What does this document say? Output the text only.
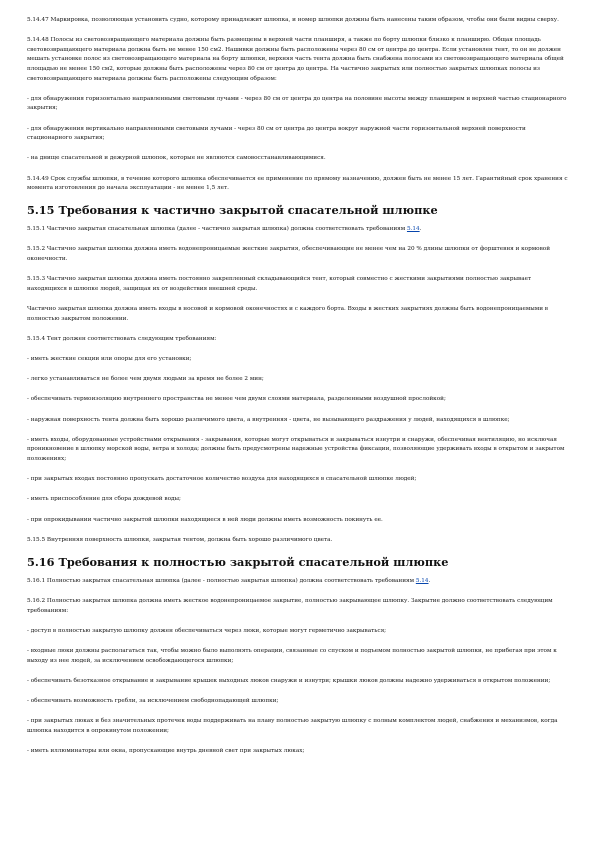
5.14.47 Маркировка, позволяющая установить судно, которому принадлежит шлюпка, и номер шлюпки должны быть нанесены таким образом, чтобы они были видны сверху.

5.14.48 Полосы из световозвращающего материала должны быть размещены в верхней части планширя, а также по борту шлюпки близко к планширю. Общая площадь световозвращающего материала должна быть не менее 150 см2. Нашивки должны быть расположены через 80 см от центра до центра. Если установлен тент, то он не должен мешать установке полос из световозвращающего материала на борту шлюпки, верхняя часть тента должна быть снабжена полосами из световозвращающего материала общей площадью не менее 150 см2, которые должны быть расположены через 80 см от центра до центра. На частично закрытых или полностью закрытых шлюпках полосы из световозвращающего материала должны быть расположены следующим образом:

- для обнаружения горизонтально направленными световыми лучами - через 80 см от центра до центра на половине высоты между планширем и верхней частью стационарного закрытия;

- для обнаружения вертикально направленными световыми лучами - через 80 см от центра до центра вокруг наружной части горизонтальной верхней поверхности стационарного закрытия;

- на днище спасательной и дежурной шлюпок, которые не являются самовосстанавливающимися.

5.14.49 Срок службы шлюпки, в течение которого шлюпка обеспечивается ее применение по прямому назначению, должен быть не менее 15 лет. Гарантийный срок хранения с момента изготовления до начала эксплуатации - не менее 1,5 лет.

5.15 Требования к частично закрытой спасательной шлюпке

5.15.1 Частично закрытая спасательная шлюпка (далее - частично закрытая шлюпка) должна соответствовать требованиям 5.14.

5.15.2 Частично закрытая шлюпка должна иметь водонепроницаемые жесткие закрытия, обеспечивающие не менее чем на 20 % длины шлюпки от форштевня и кормовой оконечности.

5.15.3 Частично закрытая шлюпка должна иметь постоянно закрепленный складывающийся тент, который совместно с жесткими закрытиями полностью закрывает находящихся в шлюпке людей, защищая их от воздействия внешней среды.

Частично закрытая шлюпка должна иметь входы в носовой и кормовой оконечностях и с каждого борта. Входы в жестких закрытиях должны быть водонепроницаемыми в полностью закрытом положении.

5.15.4 Тент должен соответствовать следующим требованиям:

- иметь жесткие секции или опоры для его установки;

- легко устанавливаться не более чем двумя людьми за время не более 2 мин;

- обеспечивать термоизоляцию внутреннего пространства не менее чем двумя слоями материала, разделенными воздушной прослойкой;

- наружная поверхность тента должна быть хорошо различимого цвета, а внутренняя - цвета, не вызывающего раздражения у людей, находящихся в шлюпке;

- иметь входы, оборудованные устройствами открывания - закрывания, которые могут открываться и закрываться изнутри и снаружи, обеспечивая вентиляцию, но исключая проникновение в шлюпку морской воды, ветра и холода; должны быть предусмотрены надежные устройства фиксации, позволяющие удерживать входы в открытом и закрытом положениях;

- при закрытых входах постоянно пропускать достаточное количество воздуха для находящихся в спасательной шлюпке людей;

- иметь приспособление для сбора дождевой воды;

- при опрокидывании частично закрытой шлюпки находящиеся в ней люди должны иметь возможность покинуть ее.

5.15.5 Внутренняя поверхность шлюпки, закрытая тентом, должна быть хорошо различимого цвета.

5.16 Требования к полностью закрытой спасательной шлюпке

5.16.1 Полностью закрытая спасательная шлюпка (далее - полностью закрытая шлюпка) должна соответствовать требованиям 5.14.

5.16.2 Полностью закрытая шлюпка должна иметь жесткое водонепроницаемое закрытие, полностью закрывающее шлюпку. Закрытие должно соответствовать следующим требованиям:

- доступ в полностью закрытую шлюпку должен обеспечиваться через люки, которые могут герметично закрываться;

- входные люки должны располагаться так, чтобы можно было выполнять операции, связанные со спуском и подъемом полностью закрытой шлюпки, не прибегая при этом к выходу из нее людей, за исключением освобождающегося шлюпки;

- обеспечивать безотказное открывание и закрывание крышек выходных люков снаружи и изнутри; крышки люков должны надежно удерживаться в открытом положении;

- обеспечивать возможность гребли, за исключением свободнопадающей шлюпки;

- при закрытых люках и без значительных протечек воды поддерживать на плаву полностью закрытую шлюпку с полным комплектом людей, снабжения и механизмов, когда шлюпка находится в опрокинутом положении;

- иметь иллюминаторы или окна, пропускающие внутрь дневной свет при закрытых люках;
